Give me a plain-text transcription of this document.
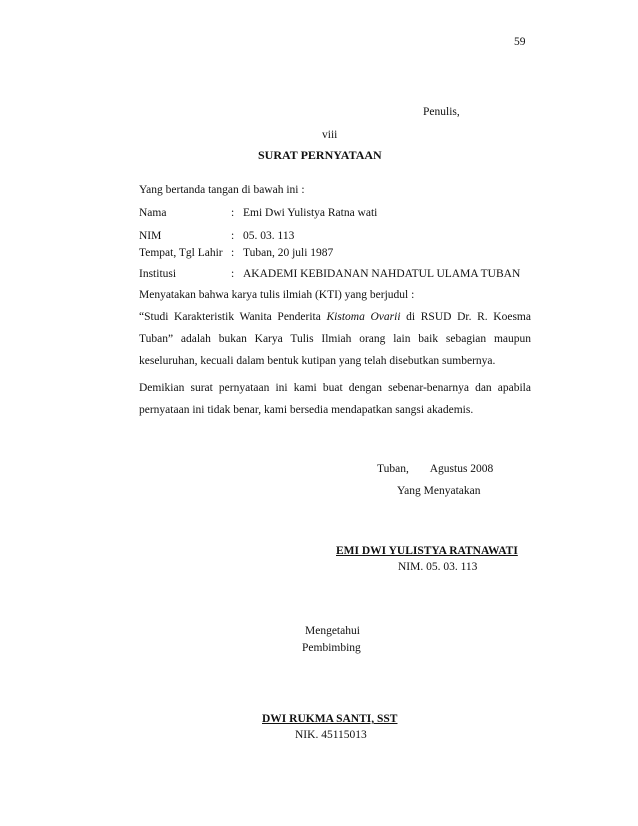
59
Penulis,
viii
SURAT PERNYATAAN
Yang bertanda tangan di bawah ini :
Nama	: Emi Dwi Yulistya Ratna wati
NIM	: 05. 03. 113
Tempat, Tgl Lahir : Tuban, 20 juli 1987
Institusi	: AKADEMI KEBIDANAN NAHDATUL ULAMA TUBAN
Menyatakan bahwa karya tulis ilmiah (KTI) yang berjudul :
“Studi Karakteristik Wanita Penderita Kistoma Ovarii di RSUD Dr. R. Koesma
Tuban” adalah bukan Karya Tulis Ilmiah orang lain baik sebagian maupun
keseluruhan, kecuali dalam bentuk kutipan yang telah disebutkan sumbernya.
Demikian surat pernyataan ini kami buat dengan sebenar-benarnya dan apabila
pernyataan ini tidak benar, kami bersedia mendapatkan sangsi akademis.
Tuban, Agustus 2008
Yang Menyatakan
EMI DWI YULISTYA RATNAWATI
NIM. 05. 03. 113
Mengetahui
Pembimbing
DWI RUKMA SANTI, SST
NIK. 45115013
